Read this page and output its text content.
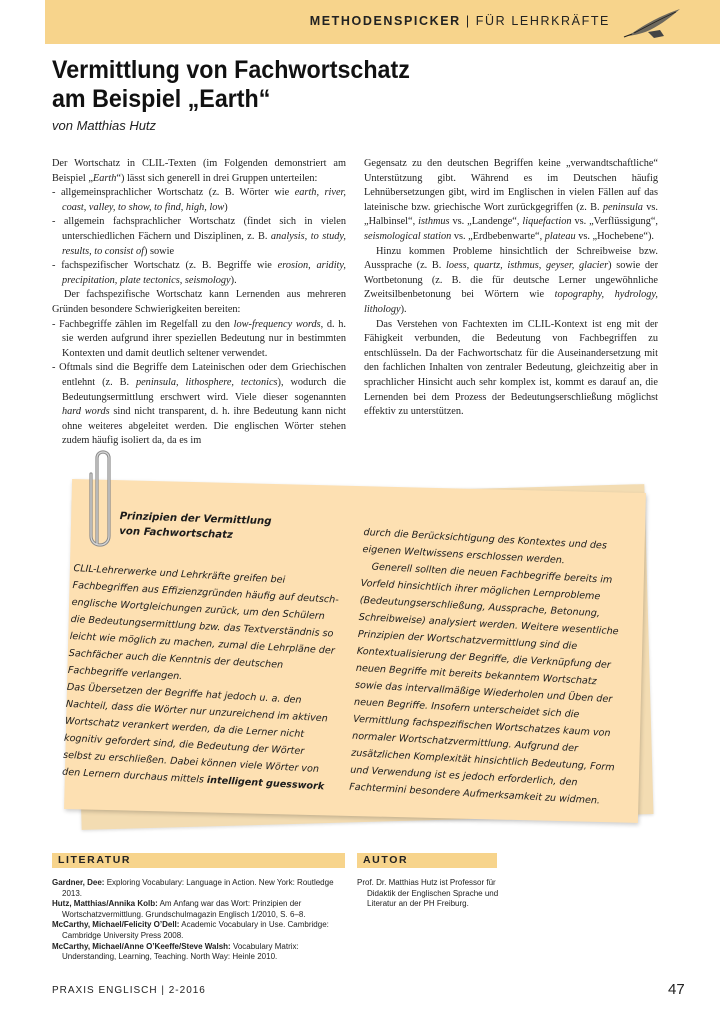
METHODENSPICKER | FÜR LEHRKRÄFTE
Vermittlung von Fachwortschatz
am Beispiel „Earth“
von Matthias Hutz

Der Wortschatz in CLIL-Texten (im Folgenden demonstriert am Beispiel „Earth“) lässt sich generell in drei Gruppen unterteilen:

- allgemeinsprachlicher Wortschatz (z. B. Wörter wie earth, river, coast, valley, to show, to find, high, low)

- allgemein fachsprachlicher Wortschatz (findet sich in vielen unterschiedlichen Fächern und Disziplinen, z. B. analysis, to study, results, to consist of) sowie

- fachspezifischer Wortschatz (z. B. Begriffe wie erosion, aridity, precipitation, plate tectonics, seismology).

Der fachspezifische Wortschatz kann Lernenden aus mehreren Gründen besondere Schwierigkeiten bereiten:

- Fachbegriffe zählen im Regelfall zu den low-frequency words, d. h. sie werden aufgrund ihrer speziellen Bedeutung nur in bestimmten Kontexten und damit deutlich seltener verwendet.

- Oftmals sind die Begriffe dem Lateinischen oder dem Griechischen entlehnt (z. B. peninsula, lithosphere, tectonics), wodurch die Bedeutungsermittlung erschwert wird. Viele dieser sogenannten hard words sind nicht transparent, d. h. ihre Bedeutung kann nicht ohne weiteres abgeleitet werden. Die englischen Wörter stehen zudem häufig isoliert da, da es im

Gegensatz zu den deutschen Begriffen keine „verwandtschaftliche“ Unterstützung gibt. Während es im Deutschen häufig Lehnübersetzungen gibt, wird im Englischen in vielen Fällen auf das lateinische bzw. griechische Wort zurückgegriffen (z. B. peninsula vs. „Halbinsel“, isthmus vs. „Landenge“, liquefaction vs. „Verflüssigung“, seismological station vs. „Erdbebenwarte“, plateau vs. „Hochebene“).

Hinzu kommen Probleme hinsichtlich der Schreibweise bzw. Aussprache (z. B. loess, quartz, isthmus, geyser, glacier) sowie der Wortbetonung (z. B. die für deutsche Lerner ungewöhnliche Zweitsilbenbetonung bei Wörtern wie topography, hydrology, lithology).

Das Verstehen von Fachtexten im CLIL-Kontext ist eng mit der Fähigkeit verbunden, die Bedeutung von Fachbegriffen zu entschlüsseln. Da der Fachwortschatz für die Auseinandersetzung mit den fachlichen Inhalten von zentraler Bedeutung, gleichzeitig aber in sprachlicher Hinsicht auch sehr komplex ist, kommt es darauf an, die Lernenden bei dem Prozess der Bedeutungserschließung möglichst effektiv zu unterstützen.

Prinzipien der Vermittlung
von Fachwortschatz

CLIL-Lehrerwerke und Lehrkräfte greifen bei Fachbegriffen aus Effizienzgründen häufig auf deutsch-englische Wortgleichungen zurück, um den Schülern die Bedeutungsermittlung bzw. das Textverständnis so leicht wie möglich zu machen, zumal die Lehrpläne der Sachfächer auch die Kenntnis der deutschen Fachbegriffe verlangen.

Das Übersetzen der Begriffe hat jedoch u. a. den Nachteil, dass die Wörter nur unzureichend im aktiven Wortschatz verankert werden, da die Lerner nicht kognitiv gefordert sind, die Bedeutung der Wörter selbst zu erschließen. Dabei können viele Wörter von den Lernern durchaus mittels intelligent guesswork

durch die Berücksichtigung des Kontextes und des eigenen Weltwissens erschlossen werden.

Generell sollten die neuen Fachbegriffe bereits im Vorfeld hinsichtlich ihrer möglichen Lernprobleme (Bedeutungserschließung, Aussprache, Betonung, Schreibweise) analysiert werden. Weitere wesentliche Prinzipien der Wortschatzvermittlung sind die Kontextualisierung der Begriffe, die Verknüpfung der neuen Begriffe mit bereits bekanntem Wortschatz sowie das intervallmäßige Wiederholen und Üben der neuen Begriffe. Insofern unterscheidet sich die Vermittlung fachspezifischen Wortschatzes kaum von normaler Wortschatzvermittlung. Aufgrund der zusätzlichen Komplexität hinsichtlich Bedeutung, Form und Verwendung ist es jedoch erforderlich, den Fachtermini besondere Aufmerksamkeit zu widmen.

LITERATUR

Gardner, Dee: Exploring Vocabulary: Language in Action. New York: Routledge 2013.

Hutz, Matthias/Annika Kolb: Am Anfang war das Wort: Prinzipien der Wortschatzvermittlung. Grundschulmagazin Englisch 1/2010, S. 6–8.

McCarthy, Michael/Felicity O’Dell: Academic Vocabulary in Use. Cambridge: Cambridge University Press 2008.

McCarthy, Michael/Anne O’Keeffe/Steve Walsh: Vocabulary Matrix: Understanding, Learning, Teaching. North Way: Heinle 2010.

AUTOR

Prof. Dr. Matthias Hutz ist Professor für Didaktik der Englischen Sprache und Literatur an der PH Freiburg.

PRAXIS ENGLISCH | 2-2016	47
